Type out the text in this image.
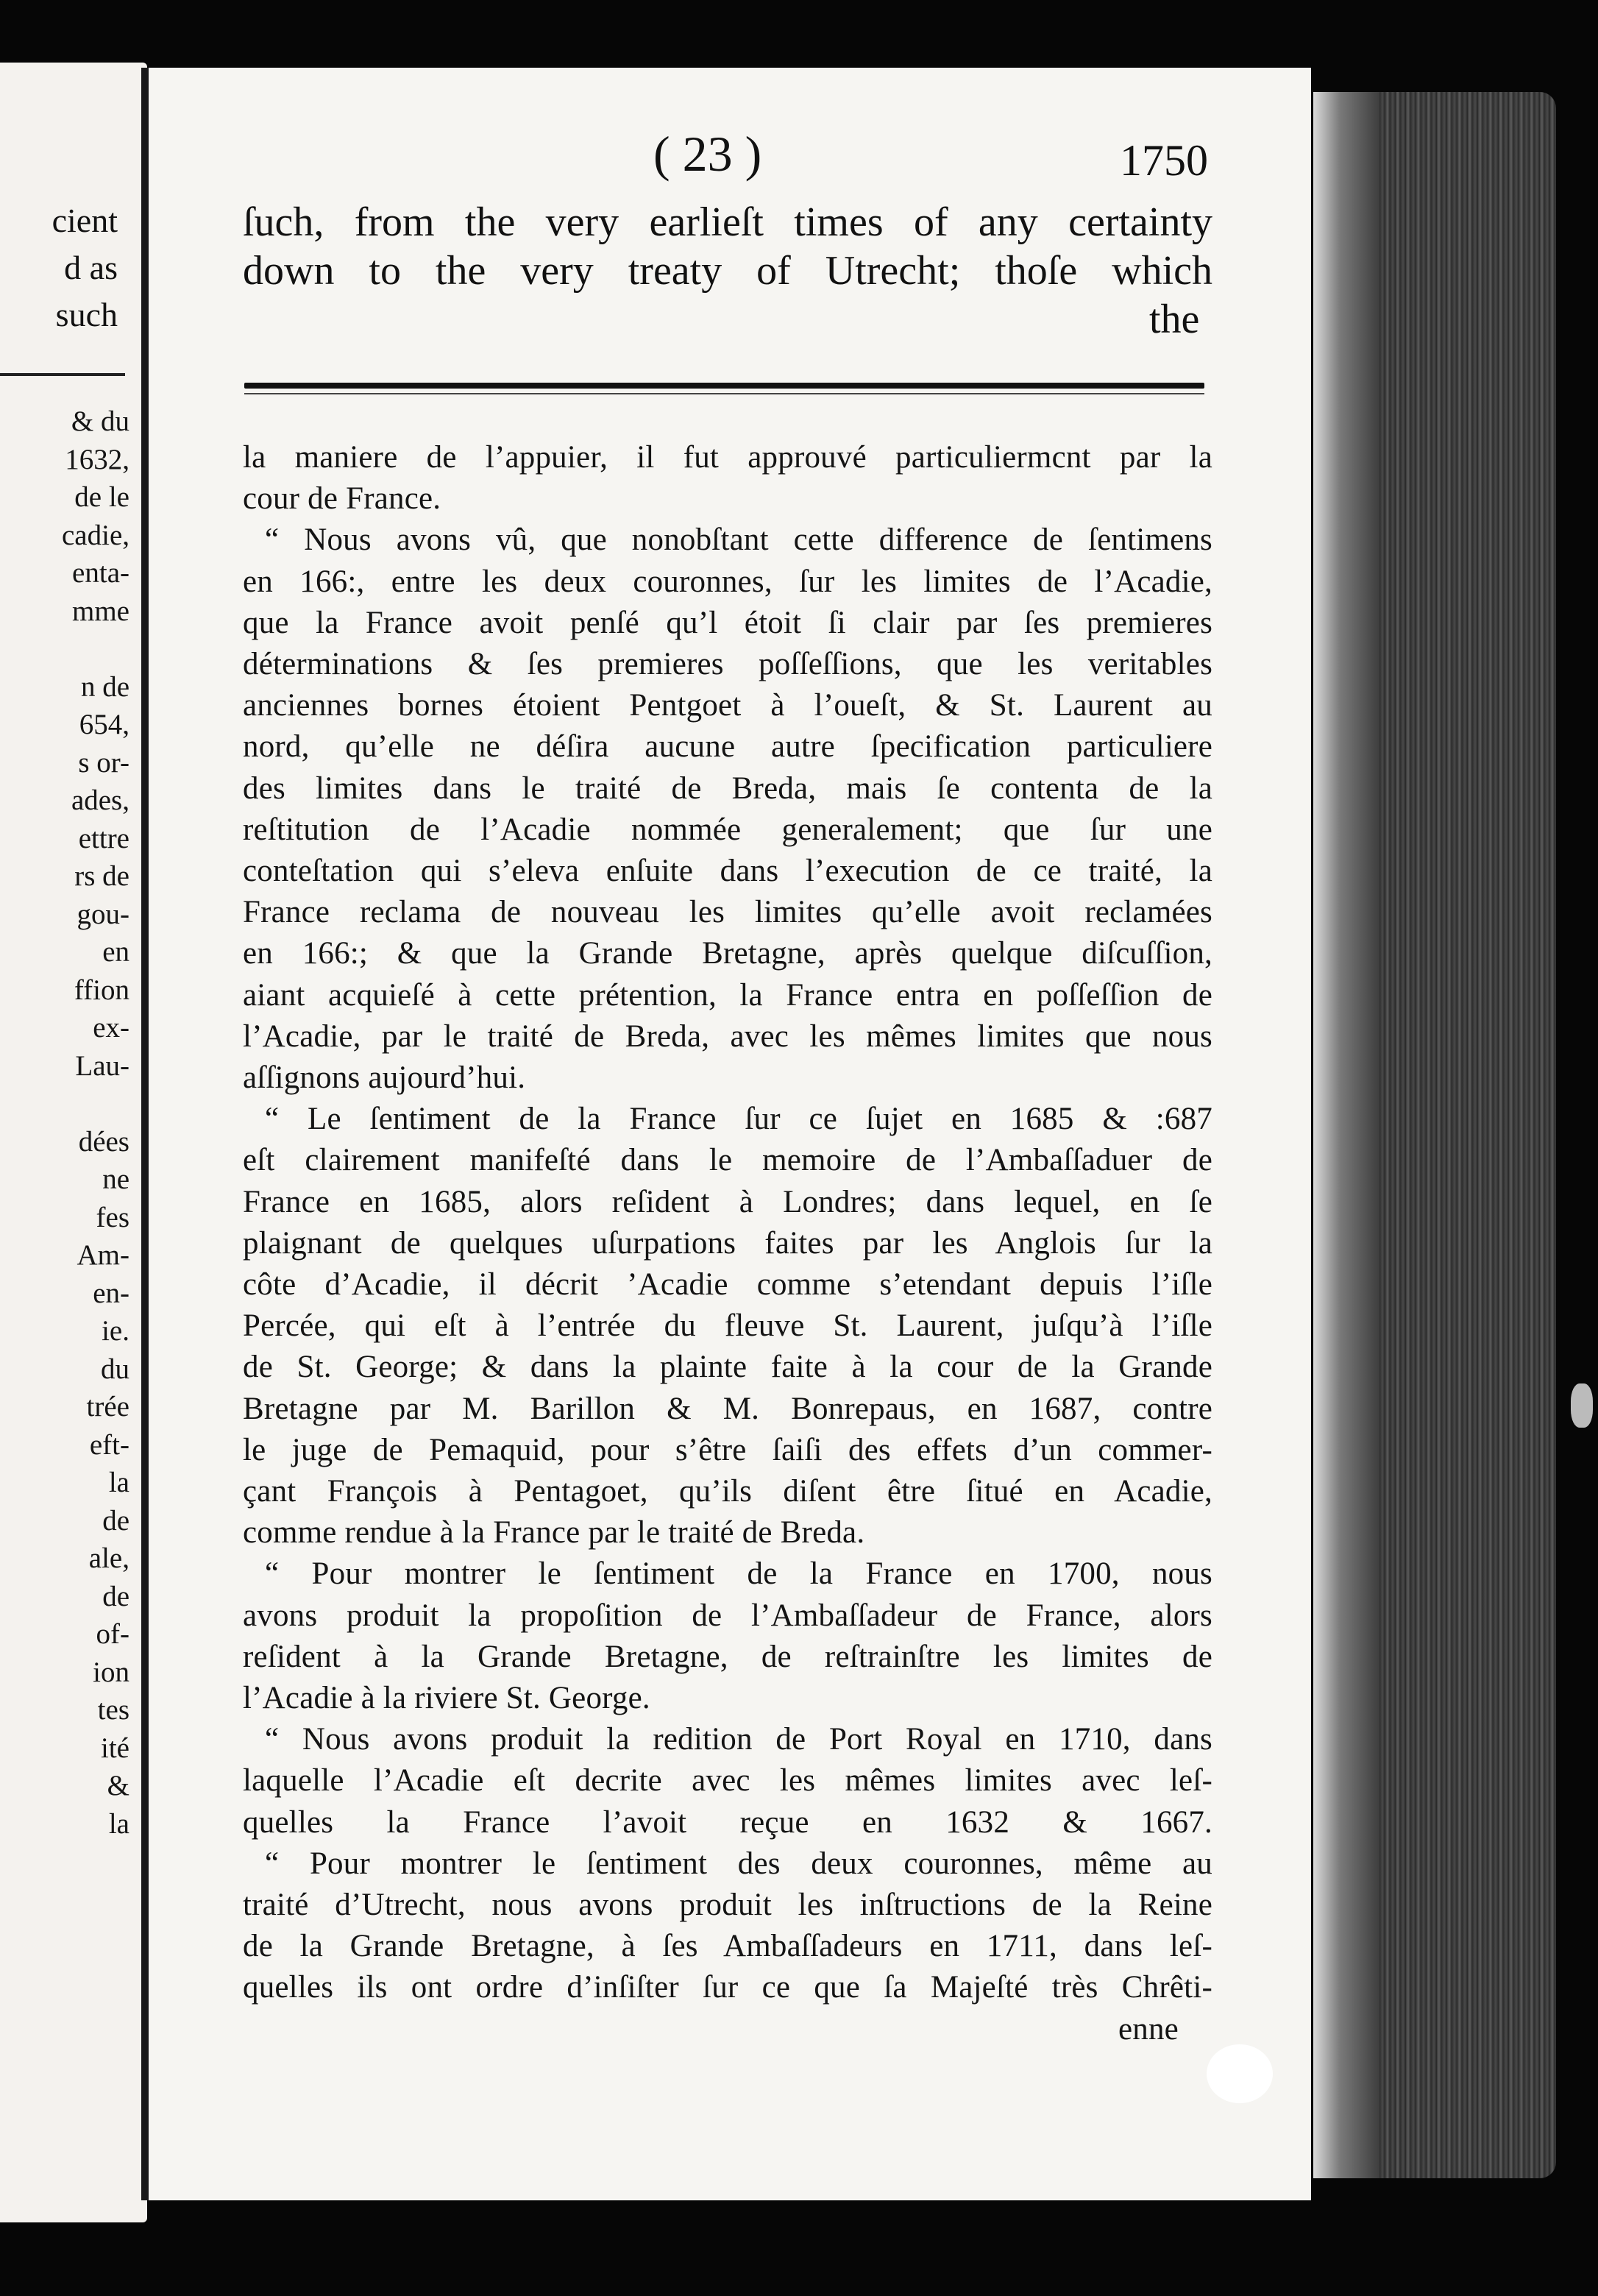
cient
d as
such
& du
1632,
de le
cadie,
enta-
mme
n de
654,
s or-
ades,
ettre
rs de
gou-
en
ffion
ex-
Lau-
dées
ne
fes
Am-
en-
ie.
du
trée
eft-
la
de
ale,
de
of-
ion
tes
ité
&
la
( 23 )	1750
ſuch, from the very earlieſt times of any certainty
down to the very treaty of Utrecht; thoſe which
the
la maniere de l’appuier, il fut approuvé particuliermcnt par la
cour de France.
“ Nous avons vû, que nonobſtant cette difference de ſentimens
en 166:, entre les deux couronnes, ſur les limites de l’Acadie,
que la France avoit penſé qu’l étoit ſi clair par ſes premieres
déterminations & ſes premieres poſſeſſions, que les veritables
anciennes bornes étoient Pentgoet à l’oueſt, & St. Laurent au
nord, qu’elle ne déſira aucune autre ſpecification particuliere
des limites dans le traité de Breda, mais ſe contenta de la
reſtitution de l’Acadie nommée generalement; que ſur une
conteſtation qui s’eleva enſuite dans l’execution de ce traité, la
France reclama de nouveau les limites qu’elle avoit reclamées
en 166:; & que la Grande Bretagne, après quelque diſcuſſion,
aiant acquieſé à cette prétention, la France entra en poſſeſſion de
l’Acadie, par le traité de Breda, avec les mêmes limites que nous
aſſignons aujourd’hui.
“ Le ſentiment de la France ſur ce ſujet en 1685 & :687
eſt clairement manifeſté dans le memoire de l’Ambaſſaduer de
France en 1685, alors reſident à Londres; dans lequel, en ſe
plaignant de quelques uſurpations faites par les Anglois ſur la
côte d’Acadie, il décrit ’Acadie comme s’etendant depuis l’iſle
Percée, qui eſt à l’entrée du fleuve St. Laurent, juſqu’à l’iſle
de St. George; & dans la plainte faite à la cour de la Grande
Bretagne par M. Barillon & M. Bonrepaus, en 1687, contre
le juge de Pemaquid, pour s’être ſaiſi des effets d’un commer-
çant François à Pentagoet, qu’ils diſent être ſitué en Acadie,
comme rendue à la France par le traité de Breda.
“ Pour montrer le ſentiment de la France en 1700, nous
avons produit la propoſition de l’Ambaſſadeur de France, alors
reſident à la Grande Bretagne, de reſtrainſtre les limites de
l’Acadie à la riviere St. George.
“ Nous avons produit la redition de Port Royal en 1710, dans
laquelle l’Acadie eſt decrite avec les mêmes limites avec leſ-
quelles la France l’avoit reçue en 1632 & 1667.
“ Pour montrer le ſentiment des deux couronnes, même au
traité d’Utrecht, nous avons produit les inſtructions de la Reine
de la Grande Bretagne, à ſes Ambaſſadeurs en 1711, dans leſ-
quelles ils ont ordre d’inſiſter ſur ce que ſa Majeſté très Chrêti-
enne
